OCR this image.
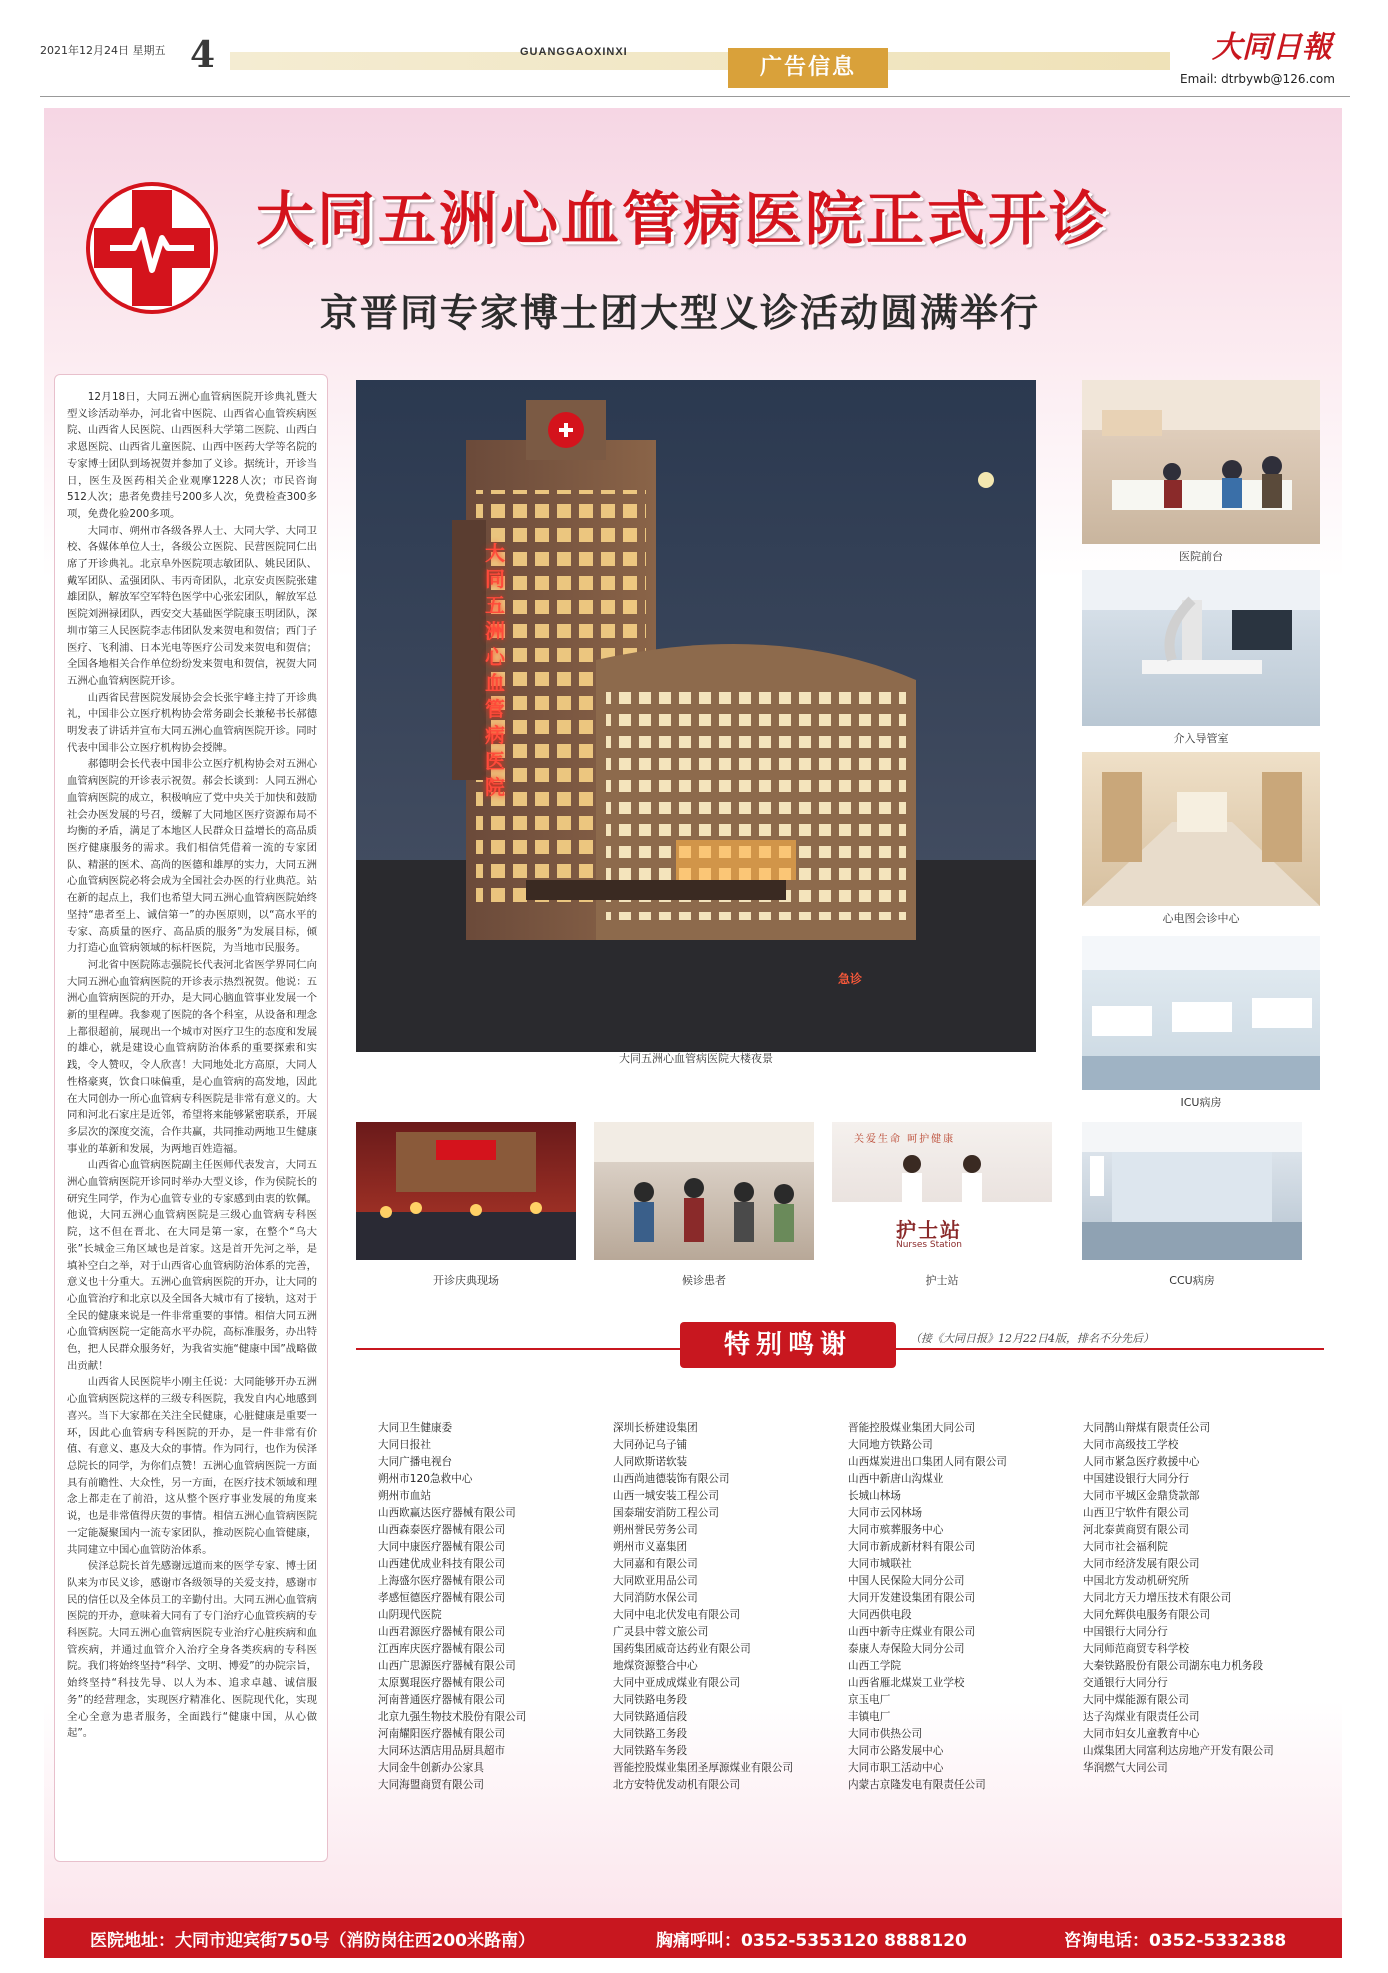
2021年12月24日 星期五 4	GUANGGAOXINXI
广告信息
大同日報
Email: dtrbywb@126.com
大同五洲心血管病医院正式开诊
京晋同专家博士团大型义诊活动圆满举行

12月18日，大同五洲心血管病医院开诊典礼暨大型义诊活动举办，河北省中医院、山西省心血管疾病医院、山西省人民医院、山西医科大学第二医院、山西白求恩医院、山西省儿童医院、山西中医药大学等名院的专家博士团队到场祝贺并参加了义诊。据统计，开诊当日，医生及医药相关企业观摩1228人次；市民咨询512人次；患者免费挂号200多人次，免费检查300多项，免费化验200多项。

大同市、朔州市各级各界人士、大同大学、大同卫校、各媒体单位人士，各级公立医院、民营医院同仁出席了开诊典礼。北京阜外医院项志敏团队、姚民团队、戴军团队、孟强团队、韦丙奇团队，北京安贞医院张建雄团队，解放军空军特色医学中心张宏团队，解放军总医院刘洲禄团队，西安交大基础医学院康玉明团队，深圳市第三人民医院李志伟团队发来贺电和贺信；西门子医疗、飞利浦、日本光电等医疗公司发来贺电和贺信；全国各地相关合作单位纷纷发来贺电和贺信，祝贺大同五洲心血管病医院开诊。

山西省民营医院发展协会会长张宇峰主持了开诊典礼，中国非公立医疗机构协会常务副会长兼秘书长郝德明发表了讲话并宣布大同五洲心血管病医院开诊。同时代表中国非公立医疗机构协会授牌。

郝德明会长代表中国非公立医疗机构协会对五洲心血管病医院的开诊表示祝贺。郝会长谈到：人同五洲心血管病医院的成立，积极响应了党中央关于加快和鼓励社会办医发展的号召，缓解了大同地区医疗资源布局不均衡的矛盾，满足了本地区人民群众日益增长的高品质医疗健康服务的需求。我们相信凭借着一流的专家团队、精湛的医术、高尚的医德和雄厚的实力，大同五洲心血管病医院必将会成为全国社会办医的行业典范。站在新的起点上，我们也希望大同五洲心血管病医院始终坚持“患者至上、诚信第一”的办医原则，以“高水平的专家、高质量的医疗、高品质的服务”为发展目标，倾力打造心血管病领域的标杆医院，为当地市民服务。

河北省中医院陈志强院长代表河北省医学界同仁向大同五洲心血管病医院的开诊表示热烈祝贺。他说：五洲心血管病医院的开办，是大同心脑血管事业发展一个新的里程碑。我参观了医院的各个科室，从设备和理念上都很超前，展现出一个城市对医疗卫生的态度和发展的雄心，就是建设心血管病防治体系的重要探索和实践，令人赞叹，令人欣喜！大同地处北方高原，大同人性格豪爽，饮食口味偏重，是心血管病的高发地，因此在大同创办一所心血管病专科医院是非常有意义的。大同和河北石家庄是近邻，希望将来能够紧密联系，开展多层次的深度交流，合作共赢，共同推动两地卫生健康事业的革新和发展，为两地百姓造福。

山西省心血管病医院副主任医师代表发言，大同五洲心血管病医院开诊同时举办大型义诊，作为侯院长的研究生同学，作为心血管专业的专家感到由衷的钦佩。他说，大同五洲心血管病医院是三级心血管病专科医院，这不但在晋北、在大同是第一家，在整个“乌大张”长城金三角区域也是首家。这是首开先河之举，是填补空白之举，对于山西省心血管病防治体系的完善，意义也十分重大。五洲心血管病医院的开办，让大同的心血管治疗和北京以及全国各大城市有了接轨，这对于全民的健康来说是一件非常重要的事情。相信大同五洲心血管病医院一定能高水平办院，高标准服务，办出特色，把人民群众服务好，为我省实施“健康中国”战略做出贡献！

山西省人民医院毕小刚主任说：大同能够开办五洲心血管病医院这样的三级专科医院，我发自内心地感到喜兴。当下大家都在关注全民健康，心脏健康是重要一环，因此心血管病专科医院的开办，是一件非常有价值、有意义、惠及大众的事情。作为同行，也作为侯泽总院长的同学，为你们点赞！五洲心血管病医院一方面具有前瞻性、大众性，另一方面，在医疗技术领域和理念上都走在了前沿，这从整个医疗事业发展的角度来说，也是非常值得庆贺的事情。相信五洲心血管病医院一定能凝聚国内一流专家团队，推动医院心血管健康，共同建立中国心血管防治体系。

侯泽总院长首先感谢远道而来的医学专家、博士团队来为市民义诊，感谢市各级领导的关爱支持，感谢市民的信任以及全体员工的辛勤付出。大同五洲心血管病医院的开办，意味着大同有了专门治疗心血管疾病的专科医院。大同五洲心血管病医院专业治疗心脏疾病和血管疾病，并通过血管介入治疗全身各类疾病的专科医院。我们将始终坚持“科学、文明、博爱”的办院宗旨，始终坚持“科技先导、以人为本、追求卓越、诚信服务”的经营理念，实现医疗精准化、医院现代化，实现全心全意为患者服务，全面践行“健康中国，从心做起”。

大同五洲心血管病医院大楼夜景
大同五洲心血管病医院
医院前台
介入导管室
心电图会诊中心
ICU病房
开诊庆典现场	候诊患者
关爱生命 呵护健康
护士站
Nurses Station
护士站	CCU病房
急诊
特别鸣谢	（接《大同日报》12月22日4版，排名不分先后）
大同卫生健康委
大同日报社
大同广播电视台
朔州市120急救中心
朔州市血站
山西欧赢达医疗器械有限公司
山西森泰医疗器械有限公司
大同中康医疗器械有限公司
山西建优成业科技有限公司
上海盛尔医疗器械有限公司
孝感恒德医疗器械有限公司
山阴现代医院
山西君源医疗器械有限公司
江西库庆医疗器械有限公司
山西广思源医疗器械有限公司
太原翼琨医疗器械有限公司
河南普通医疗器械有限公司
北京九强生物技术股份有限公司
河南耀阳医疗器械有限公司
大同环达酒店用品厨具超市
大同金牛创新办公家具
大同海盟商贸有限公司
深圳长桥建设集团
大同孙记乌子铺
人同欧斯诺软装
山西尚迪德装饰有限公司
山西一城安装工程公司
国泰瑞安消防工程公司
朔州誉民劳务公司
朔州市义嘉集团
大同嘉和有限公司
大同欧亚用品公司
大同消防水保公司
大同中电北伏发电有限公司
广灵县中蓉文旅公司
国药集团威奇达药业有限公司
地煤资源整合中心
大同中亚成成煤业有限公司
大同铁路电务段
大同铁路通信段
大同铁路工务段
大同铁路车务段
晋能控股煤业集团圣厚源煤业有限公司
北方安特优发动机有限公司
晋能控股煤业集团大同公司
大同地方铁路公司
山西煤炭进出口集团人同有限公司
山西中新唐山沟煤业
长城山林场
大同市云冈林场
大同市殡葬服务中心
大同市新成新材料有限公司
大同市城联社
中国人民保险大同分公司
大同开发建设集团有限公司
大同西供电段
山西中新寺庄煤业有限公司
泰康人寿保险大同分公司
山西工学院
山西省雁北煤炭工业学校
京玉电厂
丰镇电厂
大同市供热公司
大同市公路发展中心
大同市职工活动中心
内蒙古京隆发电有限责任公司
大同鹊山辩煤有限责任公司
大同市高级技工学校
人同市紧急医疗救援中心
中国建设银行大同分行
大同市平城区金鼎贷款部
山西卫宁软件有限公司
河北泰黄商贸有限公司
大同市社会福利院
大同市经济发展有限公司
中国北方发动机研究所
大同北方天力增压技术有限公司
大同允辉供电服务有限公司
中国银行大同分行
大同师范商贸专科学校
大秦铁路股份有限公司湖东电力机务段
交通银行大同分行
大同中煤能源有限公司
达子沟煤业有限责任公司
大同市妇女儿童教育中心
山煤集团大同富利达房地产开发有限公司
华润燃气大同公司
医院地址：大同市迎宾街750号（消防岗往西200米路南）	胸痛呼叫：0352-5353120 8888120	咨询电话：0352-5332388
